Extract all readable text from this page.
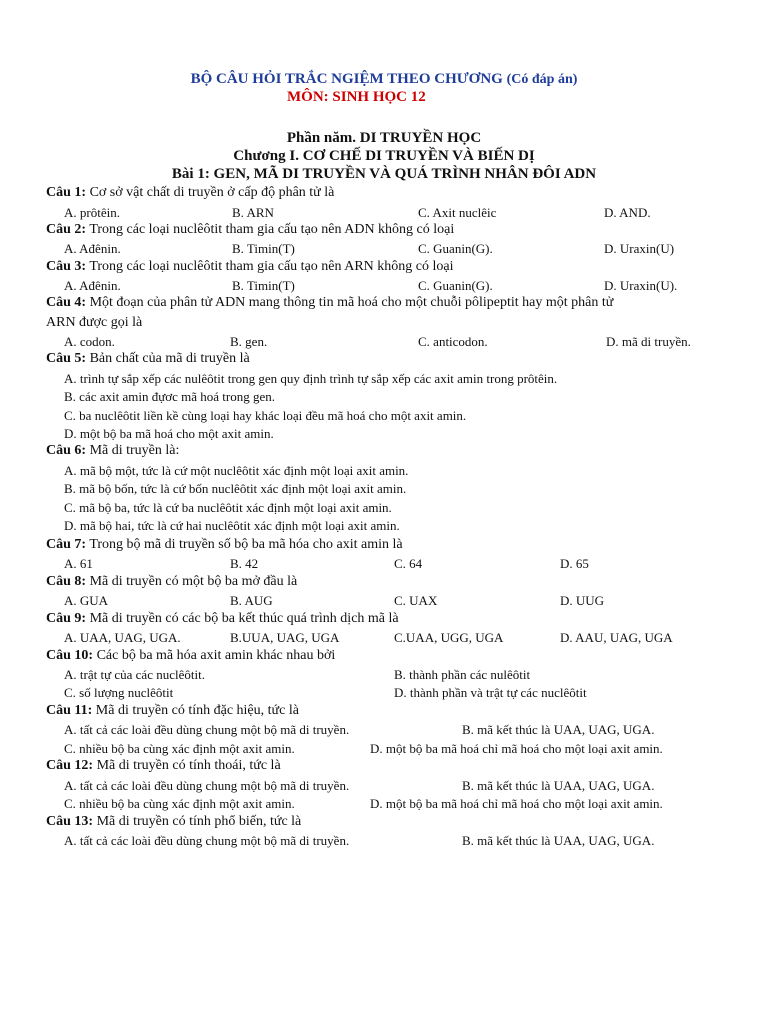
BỘ CÂU HỎI TRẮC NGIỆM THEO CHƯƠNG (Có đáp án)
MÔN: SINH HỌC 12
Phần năm. DI TRUYỀN HỌC
Chương I. CƠ CHẾ DI TRUYỀN VÀ BIẾN DỊ
Bài 1: GEN, MÃ DI TRUYỀN VÀ QUÁ TRÌNH NHÂN ĐÔI ADN
Câu 1: Cơ sở vật chất di truyền ở cấp độ phân tử là
A. prôtêin.	B. ARN	C. Axit nuclêic	D. AND.
Câu 2: Trong các loại nuclêôtit tham gia cấu tạo nên ADN không có loại
A. Ađênin.	B. Timin(T)	C. Guanin(G).	D. Uraxin(U)
Câu 3: Trong các loại nuclêôtit tham gia cấu tạo nên ARN không có loại
A. Ađênin.	B. Timin(T)	C. Guanin(G).	D. Uraxin(U).
Câu 4: Một đoạn của phân tử ADN mang thông tin mã hoá cho một chuỗi pôlipeptit hay một phân tử
ARN được gọi là
A. codon.	B. gen.	C. anticodon.	D. mã di truyền.
Câu 5: Bản chất của mã di truyền là
A. trình tự sắp xếp các nulêôtit trong gen quy định trình tự sắp xếp các axit amin trong prôtêin.
B. các axit amin đựơc mã hoá trong gen.
C. ba nuclêôtit liền kề cùng loại hay khác loại đều mã hoá cho một axit amin.
D. một bộ ba mã hoá cho một axit amin.
Câu 6: Mã di truyền là:
A. mã bộ một, tức là cứ một nuclêôtit xác định một loại axit amin.
B. mã bộ bốn, tức là cứ bốn nuclêôtit xác định một loại axit amin.
C. mã bộ ba, tức là cứ ba nuclêôtit xác định một loại axit amin.
D. mã bộ hai, tức là cứ hai nuclêôtit xác định một loại axit amin.
Câu 7: Trong bộ mã di truyền số bộ ba mã hóa cho axit amin là
A. 61	B. 42	C. 64	D. 65
Câu 8: Mã di truyền có một bộ ba mở đầu là
A. GUA	B. AUG	C. UAX	D. UUG
Câu 9: Mã di truyền có các bộ ba kết thúc quá trình dịch mã là
A. UAA, UAG, UGA.	B.UUA, UAG, UGA	C.UAA, UGG, UGA	D. AAU, UAG, UGA
Câu 10: Các bộ ba mã hóa axit amin khác nhau bởi
A. trật tự của các nuclêôtit.	B. thành phần các nulêôtit
C. số lượng nuclêôtit	D. thành phần và trật tự các nuclêôtit
Câu 11: Mã di truyền có tính đặc hiệu, tức là
A. tất cả các loài đều dùng chung một bộ mã di truyền.	B. mã kết thúc là UAA, UAG, UGA.
C. nhiều bộ ba cùng xác định một axit amin.	D. một bộ ba mã hoá chỉ mã hoá cho một loại axit amin.
Câu 12: Mã di truyền có tính thoái, tức là
A. tất cả các loài đều dùng chung một bộ mã di truyền.	B. mã kết thúc là UAA, UAG, UGA.
C. nhiều bộ ba cùng xác định một axit amin.	D. một bộ ba mã hoá chỉ mã hoá cho một loại axit amin.
Câu 13: Mã di truyền có tính phổ biến, tức là
A. tất cả các loài đều dùng chung một bộ mã di truyền.	B. mã kết thúc là UAA, UAG, UGA.
